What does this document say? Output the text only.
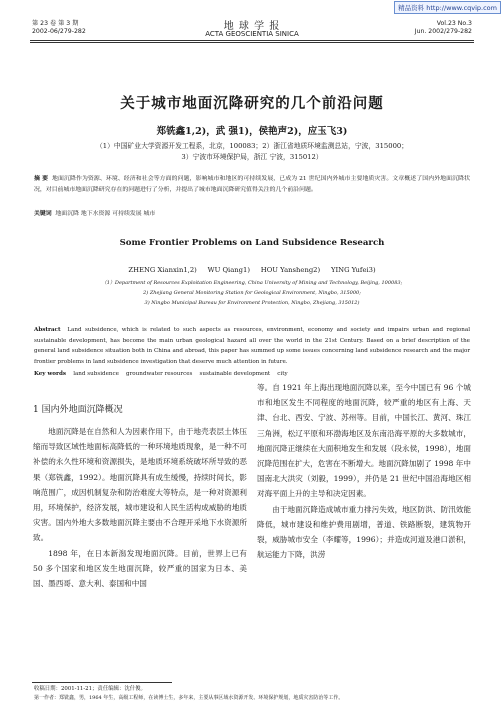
精品资料 http://www.cqvip.com
第 23 卷 第 3 期
2002-06/279-282	地 球 学 报
ACTA GEOSCIENTIA SINICA
Vol.23 No.3
Jun. 2002/279-282
关于城市地面沉降研究的几个前沿问题
郑铣鑫1,2)，武 强1)，侯艳声2)，应玉飞3)
（1）中国矿业大学资源开发工程系，北京，100083；2）浙江省地质环境监测总站，宁波，315000；
3）宁波市环境保护局，浙江 宁波，315012）
摘 要 地面沉降作为资源、环境、经济和社会等方面的问题，影响城市和地区的可持续发展，已成为 21 世纪国内外城市主要地质灾害。文章概述了国内外地面沉降状况，对目前城市地面沉降研究存在的问题进行了分析，并提出了城市地面沉降研究值得关注的几个前沿问题。
关键词 地面沉降 地下水资源 可持续发展 城市
Some Frontier Problems on Land Subsidence Research
ZHENG Xianxin1,2)     WU Qiang1)     HOU Yansheng2)     YING Yufei3)
（1）Department of Resources Exploitation Engineering, China University of Mining and Technology, Beijing, 100083;
2) Zhejiang General Monitoring Station for Geological Environment, Ningbo, 315000;
3) Ningbo Municipal Bureau for Environment Protection, Ningbo, Zhejiang, 315012)
Abstract Land subsidence, which is related to such aspects as resources, environment, economy and society and impairs urban and regional sustainable development, has become the main urban geological hazard all over the world in the 21st Century. Based on a brief description of the general land subsidence situation both in China and abroad, this paper has summed up some issues concerning land subsidence research and the major frontier problems in land subsidence investigation that deserve much attention in future.
Key words land subsidence    groundwater resources    sustainable development    city
1 国内外地面沉降概况

地面沉降是在自然和人为因素作用下，由于地壳表层土体压缩而导致区域性地面标高降低的一种环境地质现象，是一种不可补偿的永久性环境和资源损失，是地质环境系统破坏所导致的恶果（郑铣鑫，1992）。地面沉降具有成生缓慢，持续时间长，影响范围广，成因机制复杂和防治难度大等特点，是一种对资源利用，环境保护，经济发展，城市建设和人民生活构成威胁的地质灾害。国内外地大多数地面沉降主要由不合理开采地下水资源所致。

1898 年，在日本新潟发现地面沉降。目前，世界上已有 50 多个国家和地区发生地面沉降，较严重的国家为日本、美国、墨西哥、意大利、泰国和中国

等。自 1921 年上海出现地面沉降以来，至今中国已有 96 个城市和地区发生不同程度的地面沉降，较严重的地区有上海、天津、台北、西安、宁波、苏州等。目前，中国长江、黄河、珠江三角洲，松辽平原和环渤海地区及东南沿海平原的大多数城市，地面沉降正继续在大面积地发生和发展（段永侯，1998），地面沉降范围在扩大，危害在不断增大。地面沉降加剧了 1998 年中国南北大洪灾（刘毅，1999），并仍是 21 世纪中国沿海地区相对海平面上升的主导和决定因素。

由于地面沉降造成城市重力排污失效，地区防洪、防汛效能降低，城市建设和维护费用剧增，普道、铁路断裂，建筑物开裂，威胁城市安全（李耀等，1996）；并造成河道及港口淤积，航运能力下降，洪涝

收稿日期：2001-11-21；责任编辑：沈什俊。
第一作者：郑铣鑫，男，1964 年生，高级工程师，在读博士生，多年来，主要从事区域水资源开发、环境保护规划，地质灾害防治等工作。
